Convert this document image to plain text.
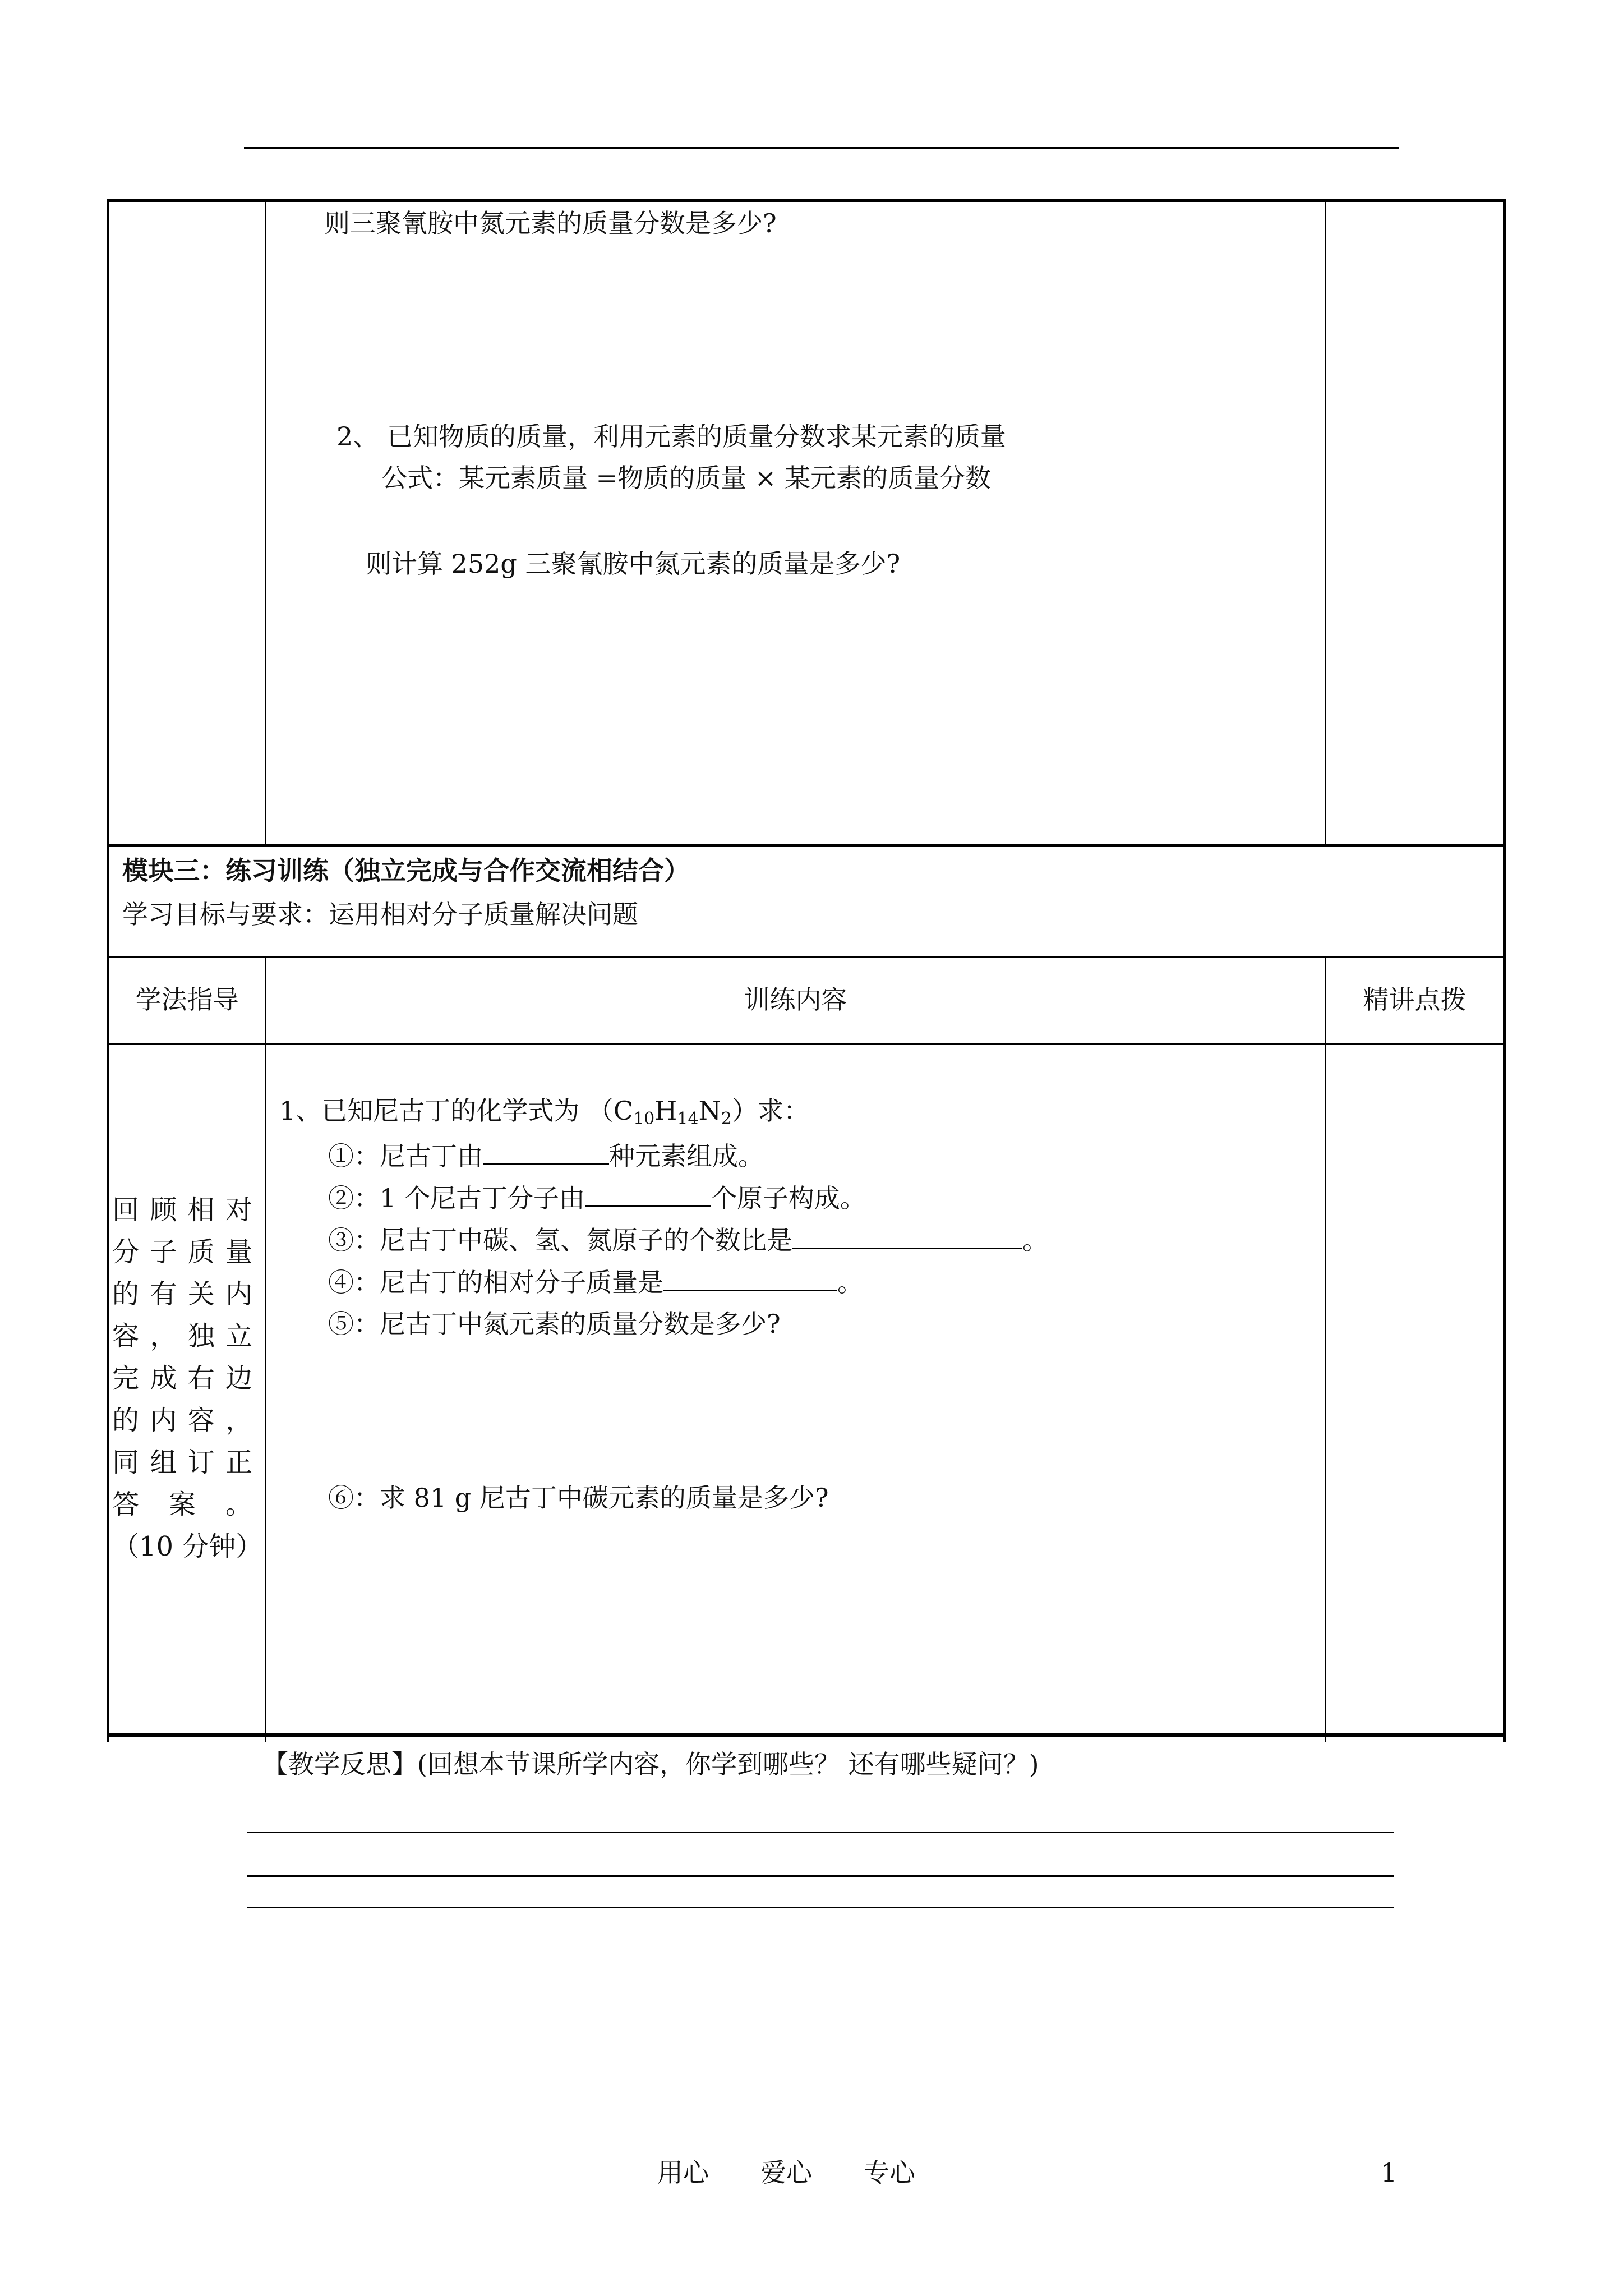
则三聚氰胺中氮元素的质量分数是多少?
2、 已知物质的质量，利用元素的质量分数求某元素的质量
公式：某元素质量 =物质的质量 × 某元素的质量分数
则计算 252g 三聚氰胺中氮元素的质量是多少?
模块三：练习训练（独立完成与合作交流相结合）
学习目标与要求：运用相对分子质量解决问题
学法指导	训练内容	精讲点拨
回顾相对
分子质量
的有关内
容，独立
完成右边
的内容，
同组订正
答　案　。
（10 分钟）
1、已知尼古丁的化学式为 $(C_{10}H_{14}N_2)$求：
①：尼古丁由	种元素组成。
②：1 个尼古丁分子由	个原子构成。
③：尼古丁中碳、氢、氮原子的个数比是	。
④：尼古丁的相对分子质量是	。
⑤：尼古丁中氮元素的质量分数是多少?
⑥：求 81 g 尼古丁中碳元素的质量是多少?
【教学反思】(回想本节课所学内容，你学到哪些？ 还有哪些疑问？)
用心　　爱心　　专心	1
